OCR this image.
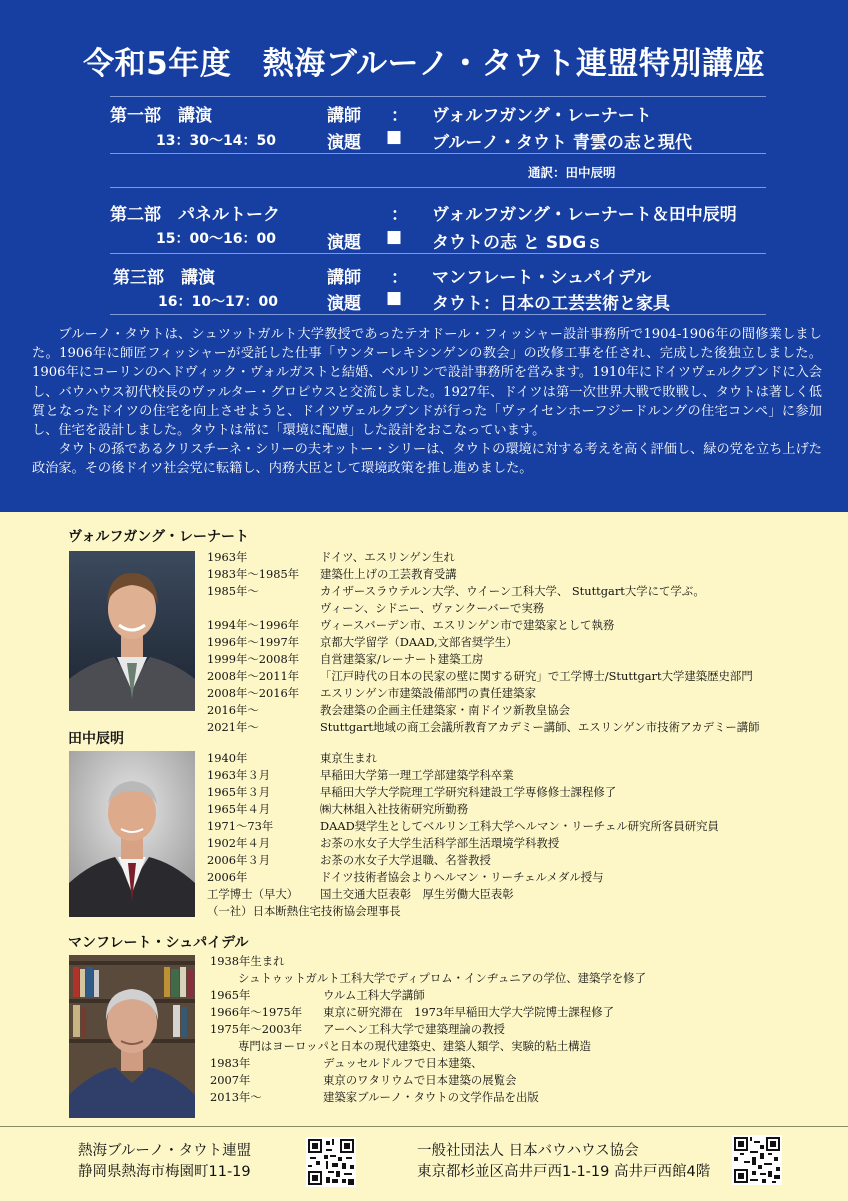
令和5年度　熱海ブルーノ・タウト連盟特別講座
第一部　講演	講師 ： ヴォルフガング・レーナート
13：30～14：50	演題 ■ ブルーノ・タウト 青雲の志と現代
通訳：田中辰明
第二部　パネルトーク	： ヴォルフガング・レーナート＆田中辰明
15：00～16：00	演題 ■ タウトの志 と SDGｓ
第三部　講演	講師 ： マンフレート・シュパイデル
16：10～17：00	演題 ■ タウト：日本の工芸芸術と家具

ブルーノ・タウトは、シュツットガルト大学教授であったテオドール・フィッシャー設計事務所で1904-1906年の間修業しました。1906年に師匠フィッシャーが受託した仕事「ウンターレキシンゲンの教会」の改修工事を任され、完成した後独立しました。1906年にコーリンのヘドヴィック・ヴォルガストと結婚、ベルリンで設計事務所を営みます。1910年にドイツヴェルクブンドに入会し、バウハウス初代校長のヴァルター・グロピウスと交流しました。1927年、ドイツは第一次世界大戦で敗戦し、タウトは著しく低質となったドイツの住宅を向上させようと、ドイツヴェルクブンドが行った「ヴァイセンホーフジードルングの住宅コンペ」に参加し、住宅を設計しました。タウトは常に「環境に配慮」した設計をおこなっています。

タウトの孫であるクリスチーネ・シリーの夫オットー・シリーは、タウトの環境に対する考えを高く評価し、緑の党を立ち上げた政治家。その後ドイツ社会党に転籍し、内務大臣として環境政策を推し進めました。

ヴォルフガング・レーナート
1963年	ドイツ、エスリンゲン生れ
1983年～1985年 建築仕上げの工芸教育受講
1985年～	カイザースラウテルン大学、ウイーン工科大学、 Stuttgart大学にて学ぶ。
ヴィーン、シドニー、ヴァンクーバーで実務
1994年～1996年 ヴィースバーデン市、エスリンゲン市で建築家として執務
1996年～1997年 京都大学留学（DAAD,文部省奨学生）
1999年～2008年 自営建築家/レーナート建築工房
2008年～2011年 「江戸時代の日本の民家の壁に関する研究」で工学博士/Stuttgart大学建築歴史部門
2008年～2016年 エスリンゲン市建築設備部門の責任建築家
2016年～	教会建築の企画主任建築家・南ドイツ新教皇協会
2021年～	Stuttgart地域の商工会議所教育アカデミー講師、エスリンゲン市技術アカデミー講師
田中辰明
1940年	東京生まれ
1963年３月	早稲田大学第一理工学部建築学科卒業
1965年３月	早稲田大学大学院理工学研究科建設工学専修修士課程修了
1965年４月	㈱大林組入社技術研究所勤務
1971～73年	DAAD奨学生としてベルリン工科大学ヘルマン・リーチェル研究所客員研究員
1902年４月	お茶の水女子大学生活科学部生活環境学科教授
2006年３月	お茶の水女子大学退職、名誉教授
2006年	ドイツ技術者協会よりヘルマン・リーチェルメダル授与
工学博士（早大） 国土交通大臣表彰　厚生労働大臣表彰
（一社）日本断熱住宅技術協会理事長
マンフレート・シュパイデル
1938年生まれ
シュトゥットガルト工科大学でディプロム・インヂュニアの学位、建築学を修了
1965年	ウルム工科大学講師
1966年～1975年 東京に研究滞在　1973年早稲田大学大学院博士課程修了
1975年～2003年 アーヘン工科大学で建築理論の教授
専門はヨーロッパと日本の現代建築史、建築人類学、実験的粘土構造
1983年	デュッセルドルフで日本建築、
2007年	東京のワタリウムで日本建築の展覧会
2013年～	建築家ブルーノ・タウトの文学作品を出版
熱海ブルーノ・タウト連盟
静岡県熱海市梅園町11-19
一般社団法人 日本バウハウス協会
東京都杉並区高井戸西1-1-19 高井戸西館4階
